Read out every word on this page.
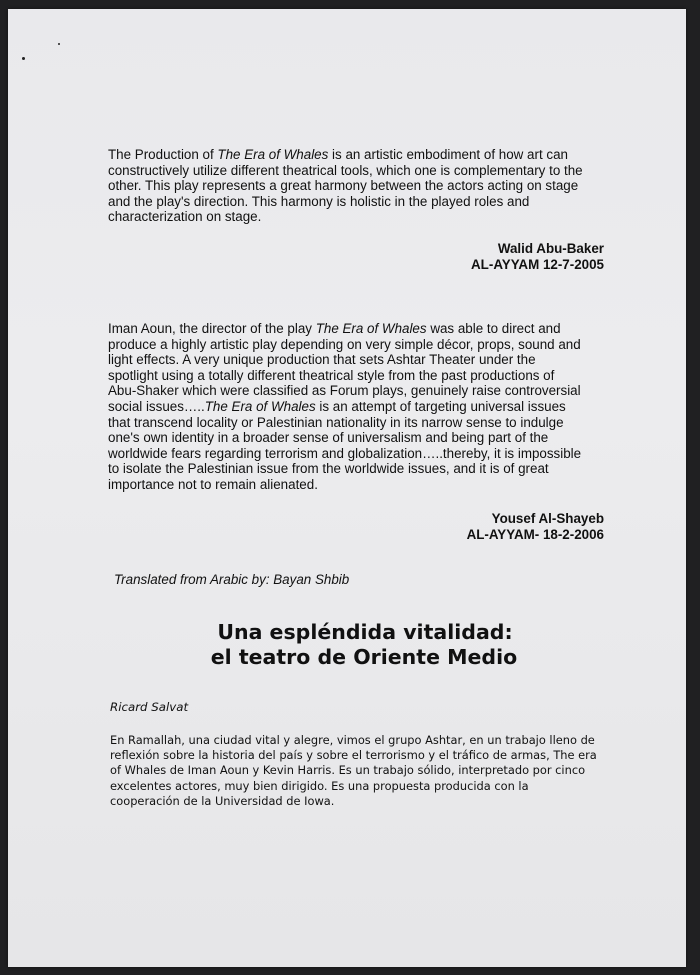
The Production of The Era of Whales is an artistic embodiment of how art can
constructively utilize different theatrical tools, which one is complementary to the
other. This play represents a great harmony between the actors acting on stage
and the play's direction. This harmony is holistic in the played roles and
characterization on stage.

Walid Abu-Baker
AL-AYYAM 12-7-2005

Iman Aoun, the director of the play The Era of Whales was able to direct and
produce a highly artistic play depending on very simple décor, props, sound and
light effects. A very unique production that sets Ashtar Theater under the
spotlight using a totally different theatrical style from the past productions of
Abu-Shaker which were classified as Forum plays, genuinely raise controversial
social issues…..The Era of Whales is an attempt of targeting universal issues
that transcend locality or Palestinian nationality in its narrow sense to indulge
one's own identity in a broader sense of universalism and being part of the
worldwide fears regarding terrorism and globalization…..thereby, it is impossible
to isolate the Palestinian issue from the worldwide issues, and it is of great
importance not to remain alienated.

Yousef Al-Shayeb
AL-AYYAM- 18-2-2006
Translated from Arabic by: Bayan Shbib
Una espléndida vitalidad:
el teatro de Oriente Medio
Ricard Salvat

En Ramallah, una ciudad vital y alegre, vimos el grupo Ashtar, en un trabajo lleno de
reflexión sobre la historia del país y sobre el terrorismo y el tráfico de armas, The era
of Whales de Iman Aoun y Kevin Harris. Es un trabajo sólido, interpretado por cinco
excelentes actores, muy bien dirigido. Es una propuesta producida con la
cooperación de la Universidad de Iowa.
